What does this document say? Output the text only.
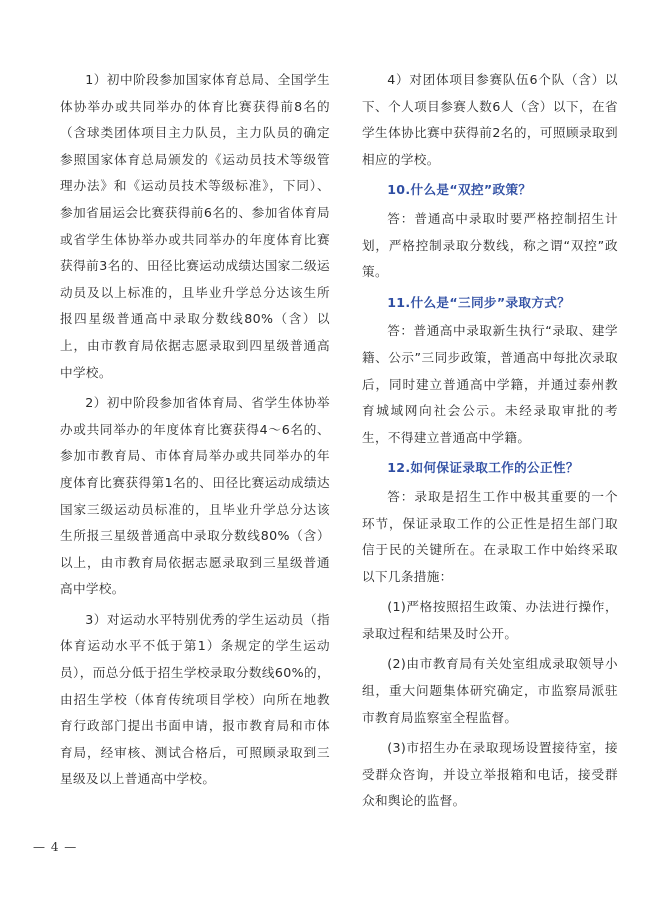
1）初中阶段参加国家体育总局、全国学生体协举办或共同举办的体育比赛获得前8名的（含球类团体项目主力队员，主力队员的确定参照国家体育总局颁发的《运动员技术等级管理办法》和《运动员技术等级标准》，下同）、参加省届运会比赛获得前6名的、参加省体育局或省学生体协举办或共同举办的年度体育比赛获得前3名的、田径比赛运动成绩达国家二级运动员及以上标准的，且毕业升学总分达该生所报四星级普通高中录取分数线80%（含）以上，由市教育局依据志愿录取到四星级普通高中学校。

2）初中阶段参加省体育局、省学生体协举办或共同举办的年度体育比赛获得4～6名的、参加市教育局、市体育局举办或共同举办的年度体育比赛获得第1名的、田径比赛运动成绩达国家三级运动员标准的，且毕业升学总分达该生所报三星级普通高中录取分数线80%（含）以上，由市教育局依据志愿录取到三星级普通高中学校。

3）对运动水平特别优秀的学生运动员（指体育运动水平不低于第1）条规定的学生运动员），而总分低于招生学校录取分数线60%的，由招生学校（体育传统项目学校）向所在地教育行政部门提出书面申请，报市教育局和市体育局，经审核、测试合格后，可照顾录取到三星级及以上普通高中学校。

4）对团体项目参赛队伍6个队（含）以下、个人项目参赛人数6人（含）以下，在省学生体协比赛中获得前2名的，可照顾录取到相应的学校。

10.什么是“双控”政策？

答：普通高中录取时要严格控制招生计划，严格控制录取分数线，称之谓“双控”政策。

11.什么是“三同步”录取方式？

答：普通高中录取新生执行“录取、建学籍、公示”三同步政策，普通高中每批次录取后，同时建立普通高中学籍，并通过泰州教育城域网向社会公示。未经录取审批的考生，不得建立普通高中学籍。

12.如何保证录取工作的公正性？

答：录取是招生工作中极其重要的一个环节，保证录取工作的公正性是招生部门取信于民的关键所在。在录取工作中始终采取以下几条措施：

(1)严格按照招生政策、办法进行操作，录取过程和结果及时公开。

(2)由市教育局有关处室组成录取领导小组，重大问题集体研究确定，市监察局派驻市教育局监察室全程监督。

(3)市招生办在录取现场设置接待室，接受群众咨询，并设立举报箱和电话，接受群众和舆论的监督。

— 4 —
